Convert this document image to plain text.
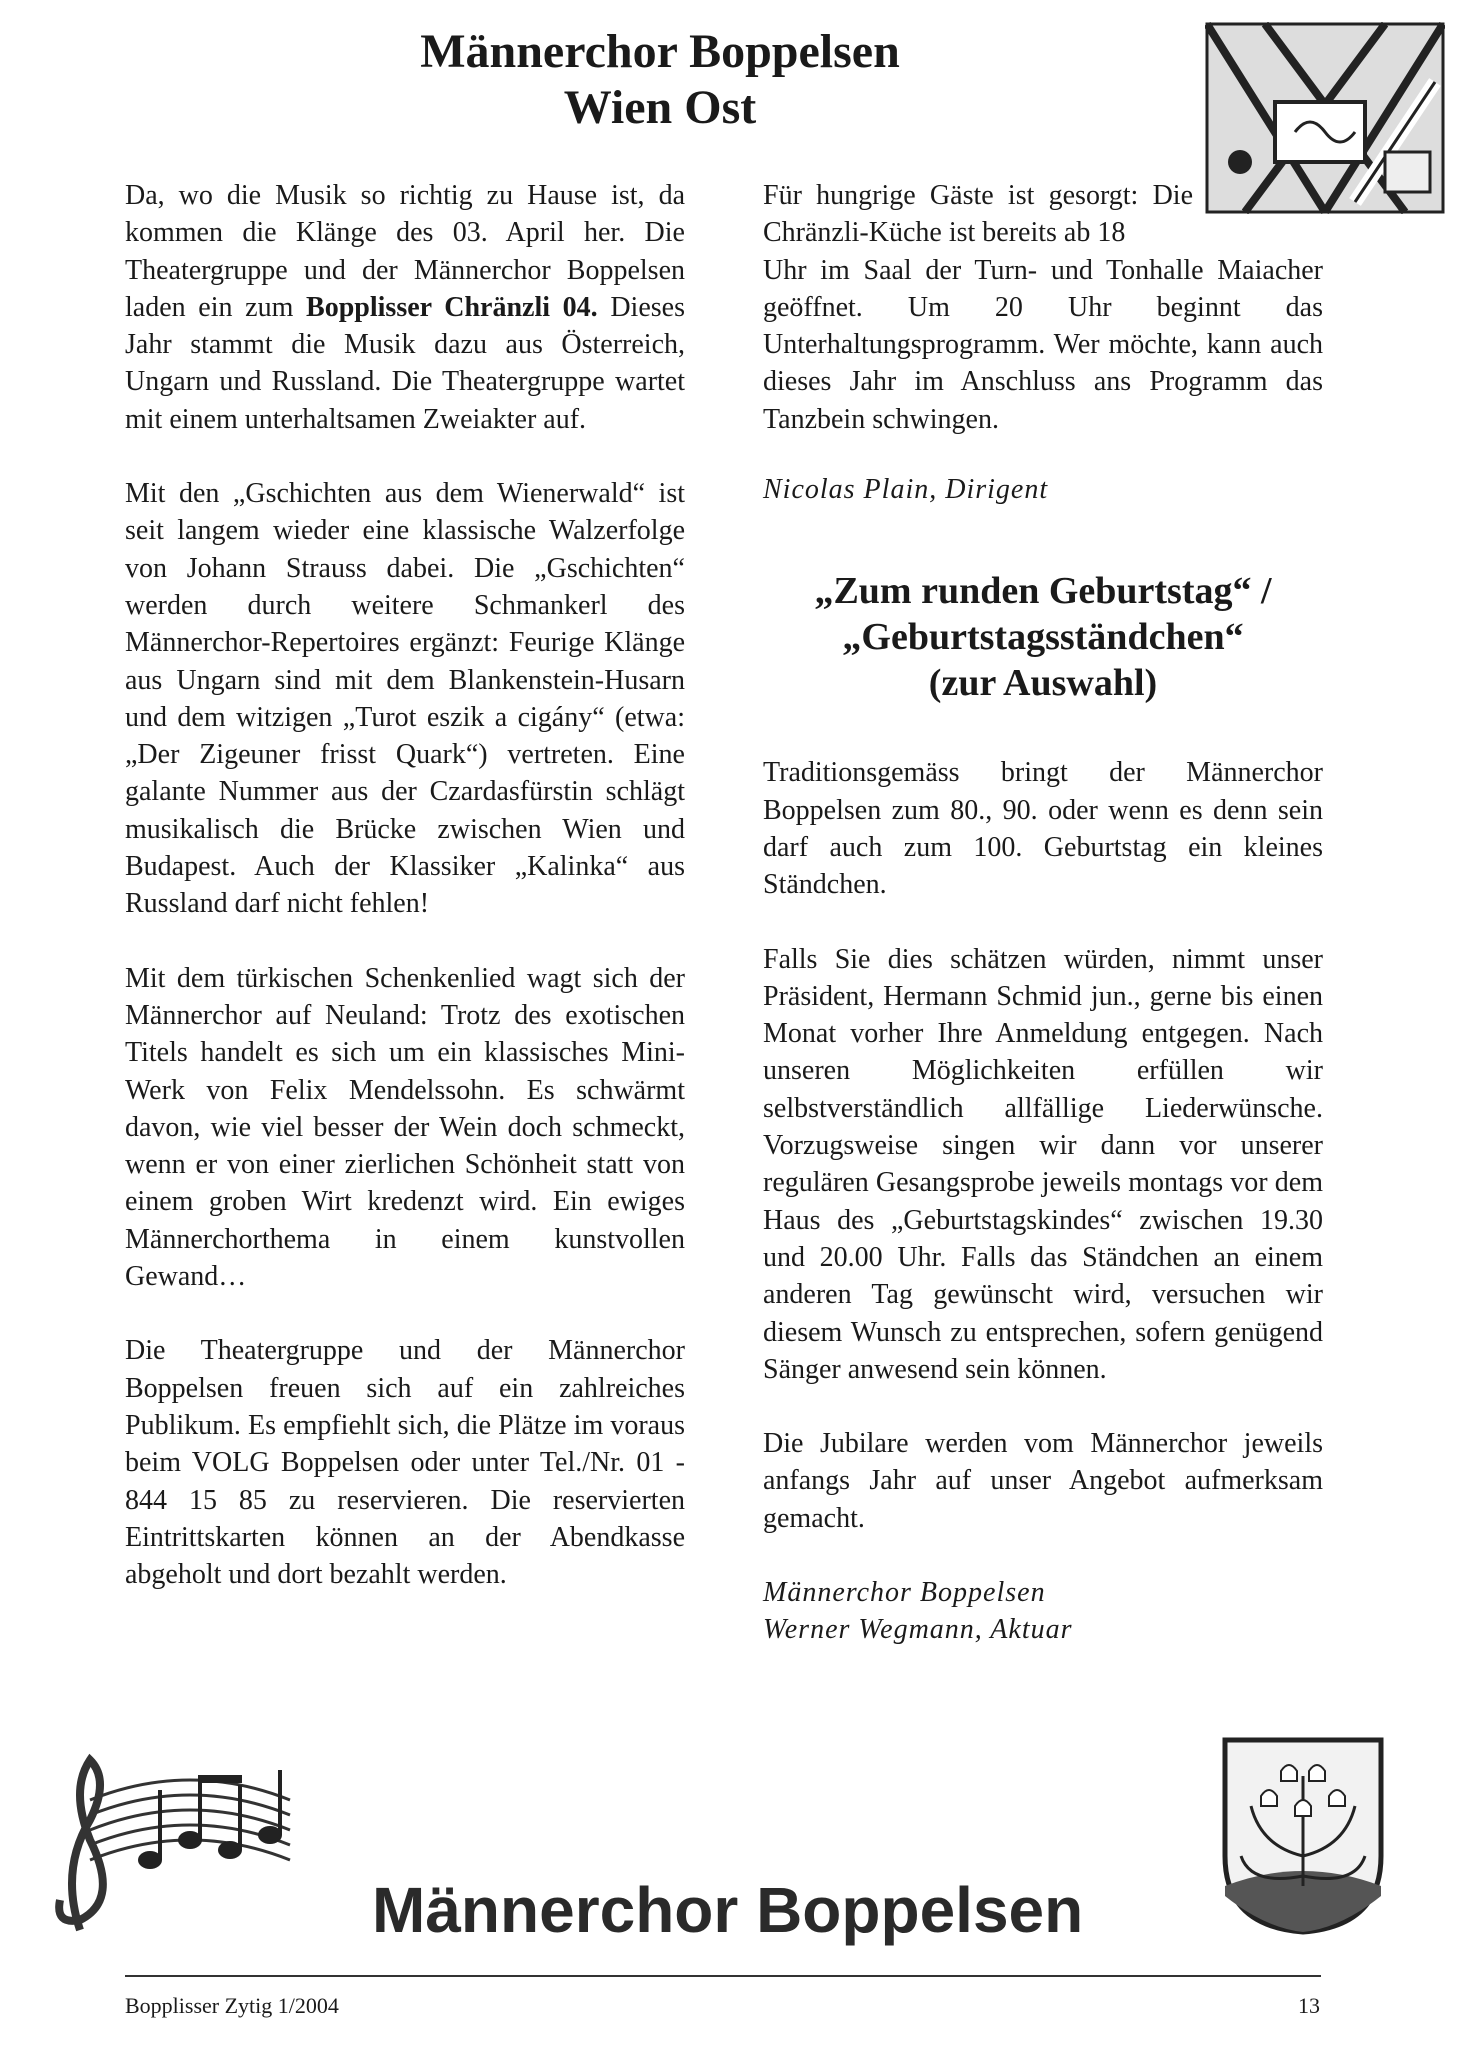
Männerchor Boppelsen
Wien Ost

Da, wo die Musik so richtig zu Hause ist, da kommen die Klänge des 03. April her. Die Theatergruppe und der Männerchor Boppelsen laden ein zum Bopplisser Chränzli 04. Dieses Jahr stammt die Musik dazu aus Österreich, Ungarn und Russland. Die Theatergruppe wartet mit einem unterhaltsamen Zweiakter auf.

Mit den „Gschichten aus dem Wienerwald“ ist seit langem wieder eine klassische Walzerfolge von Johann Strauss dabei. Die „Gschichten“ werden durch weitere Schmankerl des Männerchor-Repertoires ergänzt: Feurige Klänge aus Ungarn sind mit dem Blankenstein-Husarn und dem witzigen „Turot eszik a cigány“ (etwa: „Der Zigeuner frisst Quark“) vertreten. Eine galante Nummer aus der Czardasfürstin schlägt musikalisch die Brücke zwischen Wien und Budapest. Auch der Klassiker „Kalinka“ aus Russland darf nicht fehlen!

Mit dem türkischen Schenkenlied wagt sich der Männerchor auf Neuland: Trotz des exotischen Titels handelt es sich um ein klassisches Mini-Werk von Felix Mendelssohn. Es schwärmt davon, wie viel besser der Wein doch schmeckt, wenn er von einer zierlichen Schönheit statt von einem groben Wirt kredenzt wird. Ein ewiges Männerchorthema in einem kunstvollen Gewand…

Die Theatergruppe und der Männerchor Boppelsen freuen sich auf ein zahlreiches Publikum. Es empfiehlt sich, die Plätze im voraus beim VOLG Boppelsen oder unter Tel./Nr. 01 - 844 15 85 zu reservieren. Die reservierten Eintrittskarten können an der Abendkasse abgeholt und dort bezahlt werden.

Für hungrige Gäste ist gesorgt: Die Chränzli-Küche ist bereits ab 18

Uhr im Saal der Turn- und Tonhalle Maiacher geöffnet. Um 20 Uhr beginnt das Unterhaltungsprogramm. Wer möchte, kann auch dieses Jahr im Anschluss ans Programm das Tanzbein schwingen.

Nicolas Plain, Dirigent

„Zum runden Geburtstag“ /
„Geburtstagsständchen“
(zur Auswahl)

Traditionsgemäss bringt der Männerchor Boppelsen zum 80., 90. oder wenn es denn sein darf auch zum 100. Geburtstag ein kleines Ständchen.

Falls Sie dies schätzen würden, nimmt unser Präsident, Hermann Schmid jun., gerne bis einen Monat vorher Ihre Anmeldung entgegen. Nach unseren Möglichkeiten erfüllen wir selbstverständlich allfällige Liederwünsche. Vorzugsweise singen wir dann vor unserer regulären Gesangsprobe jeweils montags vor dem Haus des „Geburtstagskindes“ zwischen 19.30 und 20.00 Uhr. Falls das Ständchen an einem anderen Tag gewünscht wird, versuchen wir diesem Wunsch zu entsprechen, sofern genügend Sänger anwesend sein können.

Die Jubilare werden vom Männerchor jeweils anfangs Jahr auf unser Angebot aufmerksam gemacht.

Männerchor Boppelsen

Werner Wegmann, Aktuar

Männerchor Boppelsen
Bopplisser Zytig 1/2004	13
